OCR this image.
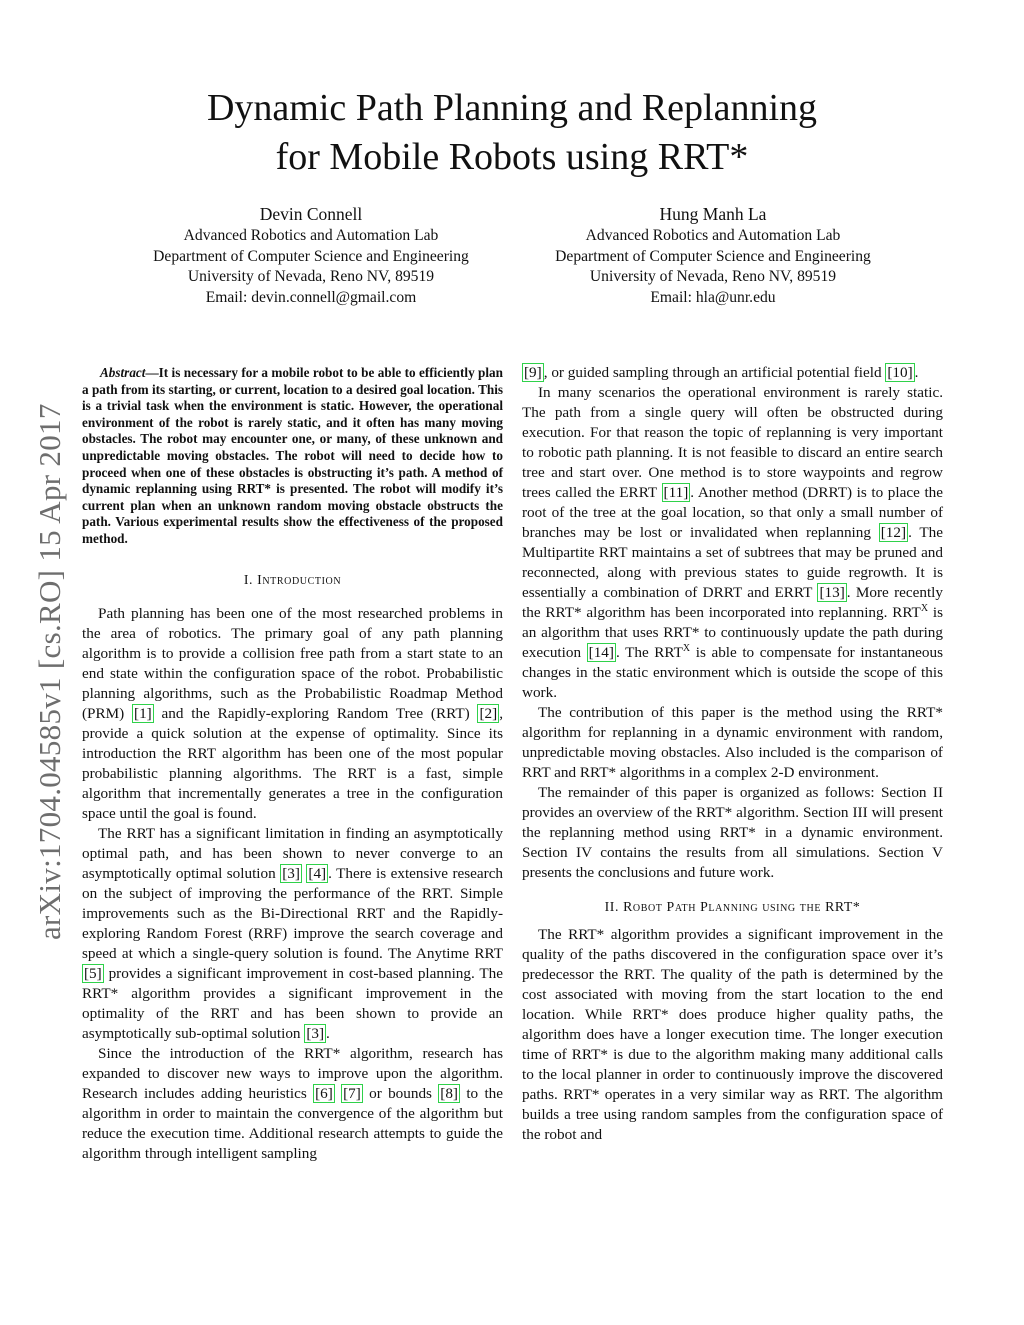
arXiv:1704.04585v1 [cs.RO] 15 Apr 2017
Dynamic Path Planning and Replanning
for Mobile Robots using RRT*
Devin Connell
Advanced Robotics and Automation Lab
Department of Computer Science and Engineering
University of Nevada, Reno NV, 89519
Email: devin.connell@gmail.com
Hung Manh La
Advanced Robotics and Automation Lab
Department of Computer Science and Engineering
University of Nevada, Reno NV, 89519
Email: hla@unr.edu

Abstract—It is necessary for a mobile robot to be able to efficiently plan a path from its starting, or current, location to a desired goal location. This is a trivial task when the environment is static. However, the operational environment of the robot is rarely static, and it often has many moving obstacles. The robot may encounter one, or many, of these unknown and unpredictable moving obstacles. The robot will need to decide how to proceed when one of these obstacles is obstructing it’s path. A method of dynamic replanning using RRT* is presented. The robot will modify it’s current plan when an unknown random moving obstacle obstructs the path. Various experimental results show the effectiveness of the proposed method.

I. Introduction

Path planning has been one of the most researched problems in the area of robotics. The primary goal of any path planning algorithm is to provide a collision free path from a start state to an end state within the configuration space of the robot. Probabilistic planning algorithms, such as the Probabilistic Roadmap Method (PRM) [1] and the Rapidly-exploring Random Tree (RRT) [2] , provide a quick solution at the expense of optimality. Since its introduction the RRT algorithm has been one of the most popular probabilistic planning algorithms. The RRT is a fast, simple algorithm that incrementally generates a tree in the configuration space until the goal is found.

The RRT has a significant limitation in finding an asymptotically optimal path, and has been shown to never converge to an asymptotically optimal solution [3] [4] . There is extensive research on the subject of improving the performance of the RRT. Simple improvements such as the Bi-Directional RRT and the Rapidly-exploring Random Forest (RRF) improve the search coverage and speed at which a single-query solution is found. The Anytime RRT [5] provides a significant improvement in cost-based planning. The RRT* algorithm provides a significant improvement in the optimality of the RRT and has been shown to provide an asymptotically sub-optimal solution [3] .

Since the introduction of the RRT* algorithm, research has expanded to discover new ways to improve upon the algorithm. Research includes adding heuristics [6] [7] or bounds [8] to the algorithm in order to maintain the convergence of the algorithm but reduce the execution time. Additional research attempts to guide the algorithm through intelligent sampling

[9] , or guided sampling through an artificial potential field [10] .

In many scenarios the operational environment is rarely static. The path from a single query will often be obstructed during execution. For that reason the topic of replanning is very important to robotic path planning. It is not feasible to discard an entire search tree and start over. One method is to store waypoints and regrow trees called the ERRT [11] . Another method (DRRT) is to place the root of the tree at the goal location, so that only a small number of branches may be lost or invalidated when replanning [12] . The Multipartite RRT maintains a set of subtrees that may be pruned and reconnected, along with previous states to guide regrowth. It is essentially a combination of DRRT and ERRT [13] . More recently the RRT* algorithm has been incorporated into replanning. $RRT^X$ is an algorithm that uses RRT* to continuously update the path during execution [14] . The $RRT^X$ is able to compensate for instantaneous changes in the static environment which is outside the scope of this work.

The contribution of this paper is the method using the RRT* algorithm for replanning in a dynamic environment with random, unpredictable moving obstacles. Also included is the comparison of RRT and RRT* algorithms in a complex 2-D environment.

The remainder of this paper is organized as follows: Section II provides an overview of the RRT* algorithm. Section III will present the replanning method using RRT* in a dynamic environment. Section IV contains the results from all simulations. Section V presents the conclusions and future work.

II. Robot Path Planning using the RRT*

The RRT* algorithm provides a significant improvement in the quality of the paths discovered in the configuration space over it’s predecessor the RRT. The quality of the path is determined by the cost associated with moving from the start location to the end location. While RRT* does produce higher quality paths, the algorithm does have a longer execution time. The longer execution time of RRT* is due to the algorithm making many additional calls to the local planner in order to continuously improve the discovered paths. RRT* operates in a very similar way as RRT. The algorithm builds a tree using random samples from the configuration space of the robot and
